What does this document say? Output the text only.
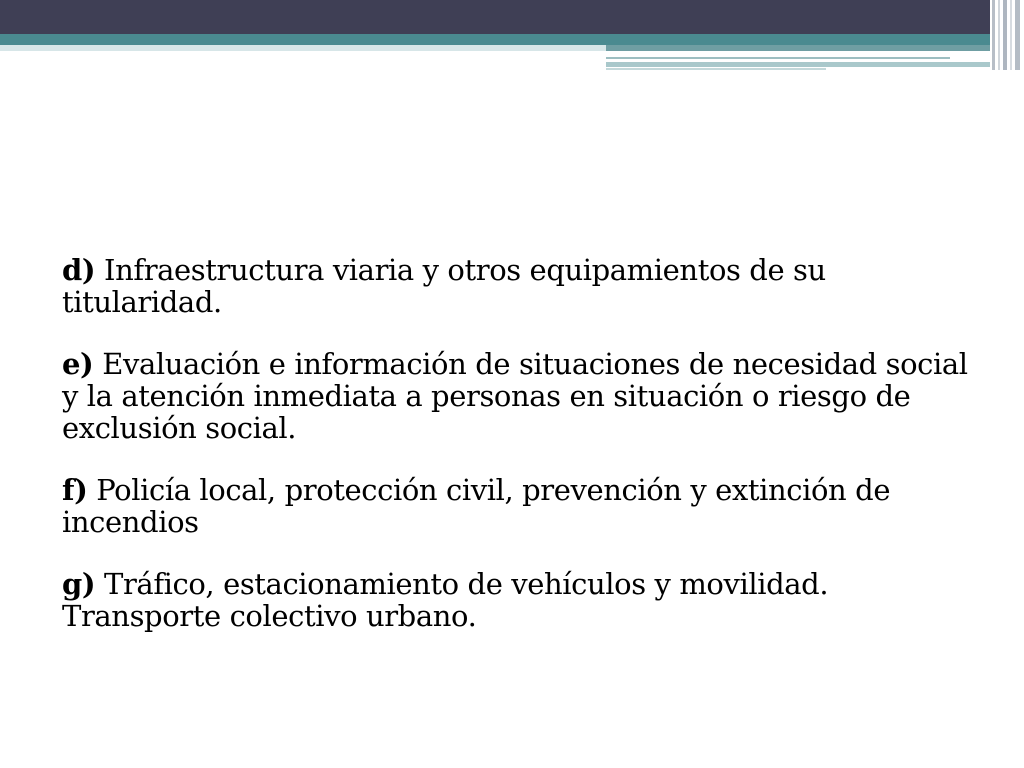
d) Infraestructura viaria y otros equipamientos de su titularidad.

e) Evaluación e información de situaciones de necesidad social y la atención inmediata a personas en situación o riesgo de exclusión social.

f) Policía local, protección civil, prevención y extinción de incendios

g) Tráfico, estacionamiento de vehículos y movilidad. Transporte colectivo urbano.
